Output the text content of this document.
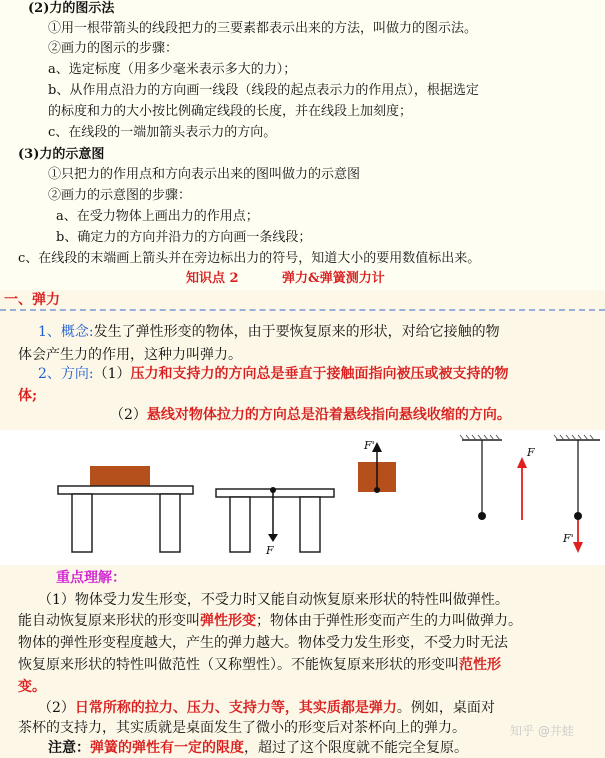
(2)力的图示法
①用一根带箭头的线段把力的三要素都表示出来的方法，叫做力的图示法。
②画力的图示的步骤：
a、选定标度（用多少毫米表示多大的力）；
b、从作用点沿力的方向画一线段（线段的起点表示力的作用点），根据选定
的标度和力的大小按比例确定线段的长度，并在线段上加刻度；
c、在线段的一端加箭头表示力的方向。
(3)力的示意图
①只把力的作用点和方向表示出来的图叫做力的示意图
②画力的示意图的步骤：
a、在受力物体上画出力的作用点；
b、确定力的方向并沿力的方向画一条线段；
c、在线段的末端画上箭头并在旁边标出力的符号，知道大小的要用数值标出来。
知识点 2	弹力&弹簧测力计
一、弹力
1、概念:发生了弹性形变的物体，由于要恢复原来的形状，对给它接触的物
体会产生力的作用，这种力叫弹力。
2、方向:（1）压力和支持力的方向总是垂直于接触面指向被压或被支持的物
体;
（2）悬线对物体拉力的方向总是沿着悬线指向悬线收缩的方向。
F
F'
F
F'
重点理解：
（1）物体受力发生形变，不受力时又能自动恢复原来形状的特性叫做弹性。
能自动恢复原来形状的形变叫弹性形变；物体由于弹性形变而产生的力叫做弹力。
物体的弹性形变程度越大，产生的弹力越大。物体受力发生形变，不受力时无法
恢复原来形状的特性叫做范性（又称塑性）。不能恢复原来形状的形变叫范性形
变。
（2）日常所称的拉力、压力、支持力等，其实质都是弹力。例如，桌面对
茶杯的支持力，其实质就是桌面发生了微小的形变后对茶杯向上的弹力。
注意：弹簧的弹性有一定的限度，超过了这个限度就不能完全复原。
知乎 @井蛙
